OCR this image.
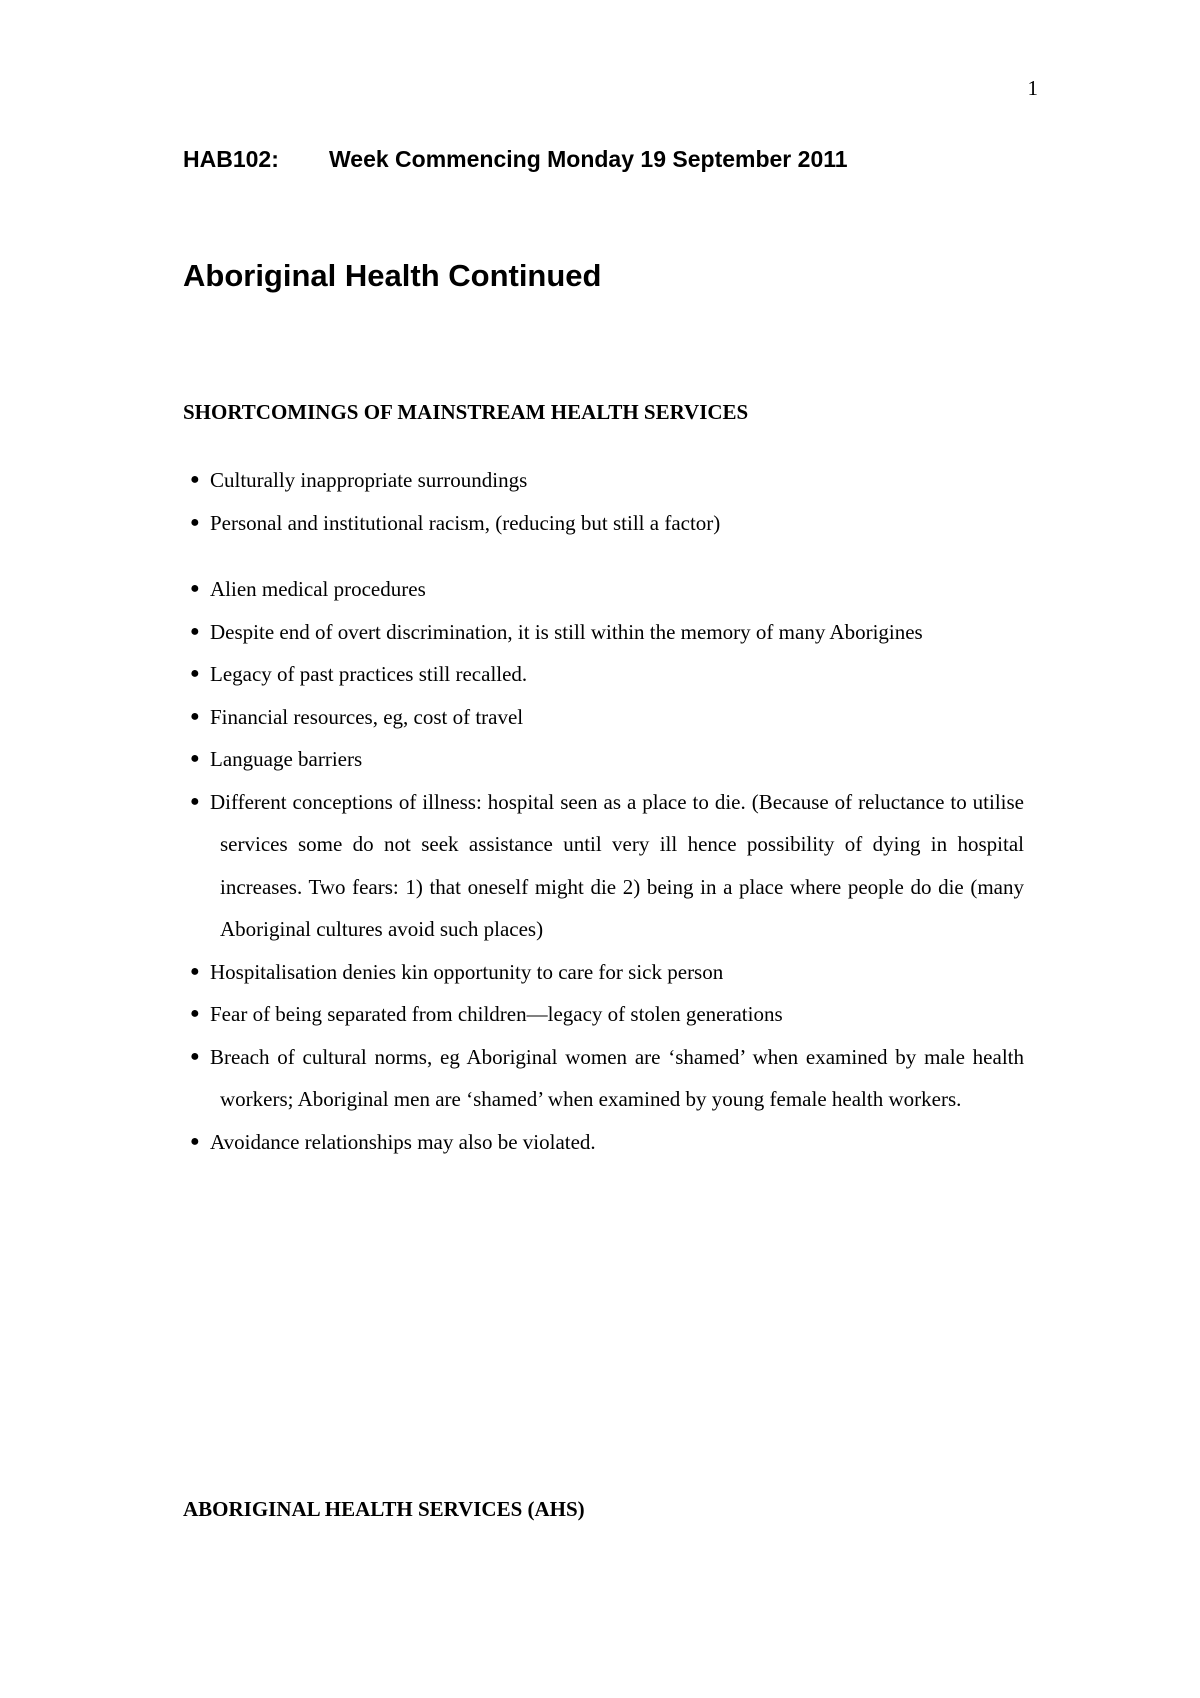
1
HAB102: Week Commencing Monday 19 September 2011
Aboriginal Health Continued
SHORTCOMINGS OF MAINSTREAM HEALTH SERVICES
● Culturally inappropriate surroundings
● Personal and institutional racism, (reducing but still a factor)
● Alien medical procedures
● Despite end of overt discrimination, it is still within the memory of many Aborigines
● Legacy of past practices still recalled.
● Financial resources, eg, cost of travel
● Language barriers
● Different conceptions of illness: hospital seen as a place to die. (Because of reluctance to utilise services some do not seek assistance until very ill hence possibility of dying in hospital increases. Two fears: 1) that oneself might die 2) being in a place where people do die (many Aboriginal cultures avoid such places)
● Hospitalisation denies kin opportunity to care for sick person
● Fear of being separated from children—legacy of stolen generations
● Breach of cultural norms, eg Aboriginal women are ‘shamed’ when examined by male health workers; Aboriginal men are ‘shamed’ when examined by young female health workers.
● Avoidance relationships may also be violated.
ABORIGINAL HEALTH SERVICES (AHS)
